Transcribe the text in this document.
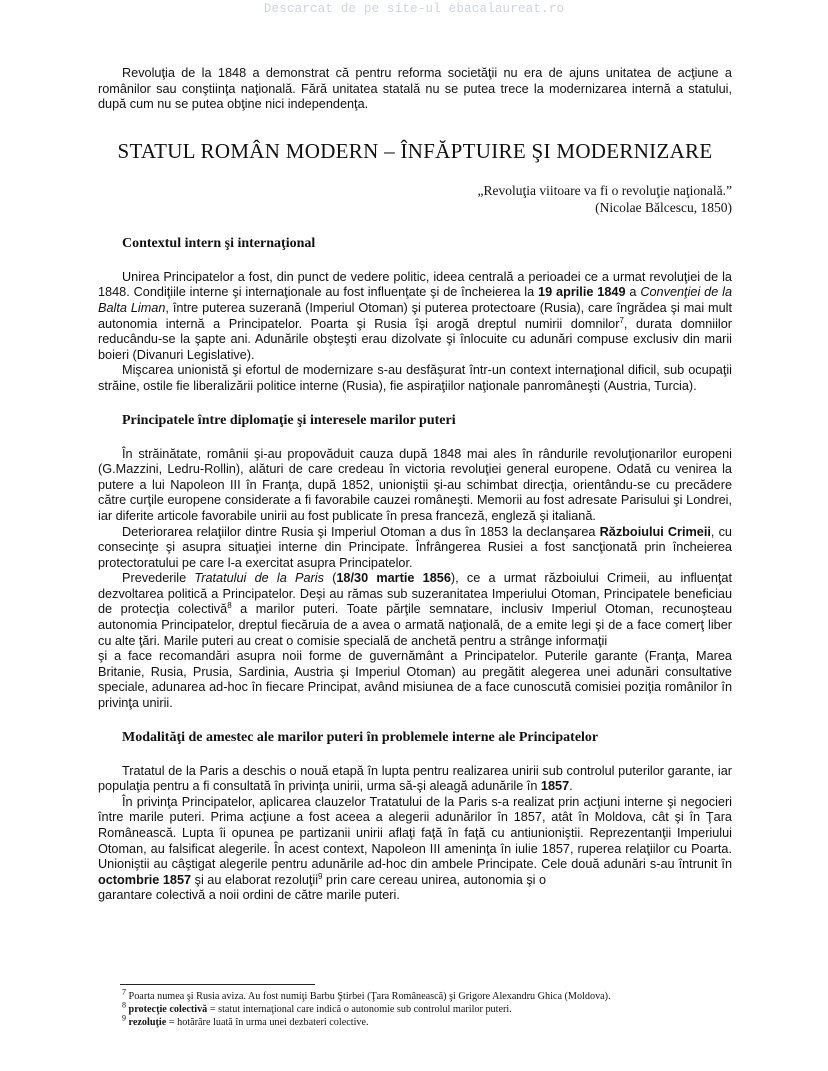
Descarcat de pe site-ul ebacalaureat.ro

Revoluţia de la 1848 a demonstrat că pentru reforma societăţii nu era de ajuns unitatea de acţiune a românilor sau conştiinţa naţională. Fără unitatea statală nu se putea trece la modernizarea internă a statului, după cum nu se putea obţine nici independenţa.

STATUL ROMÂN MODERN – ÎNFĂPTUIRE ŞI MODERNIZARE
„Revoluţia viitoare va fi o revoluţie naţională.”
(Nicolae Bălcescu, 1850)
Contextul intern şi internaţional

Unirea Principatelor a fost, din punct de vedere politic, ideea centrală a perioadei ce a urmat revoluţiei de la 1848. Condiţiile interne şi internaţionale au fost influenţate şi de încheierea la 19 aprilie 1849 a Convenţiei de la Balta Liman, între puterea suzerană (Imperiul Otoman) şi puterea protectoare (Rusia), care îngrădea şi mai mult autonomia internă a Principatelor. Poarta şi Rusia îşi arogă dreptul numirii domnilor$^7$, durata domniilor reducându-se la şapte ani. Adunările obşteşti erau dizolvate şi înlocuite cu adunări compuse exclusiv din marii boieri (Divanuri Legislative).

Mişcarea unionistă şi efortul de modernizare s-au desfăşurat într-un context internaţional dificil, sub ocupaţii străine, ostile fie liberalizării politice interne (Rusia), fie aspiraţiilor naţionale panromâneşti (Austria, Turcia).

Principatele între diplomaţie şi interesele marilor puteri

În străinătate, românii şi-au propovăduit cauza după 1848 mai ales în rândurile revoluţionarilor europeni (G.Mazzini, Ledru-Rollin), alături de care credeau în victoria revoluţiei general europene. Odată cu venirea la putere a lui Napoleon III în Franţa, după 1852, unioniştii şi-au schimbat direcţia, orientându-se cu precădere către curţile europene considerate a fi favorabile cauzei româneşti. Memorii au fost adresate Parisului şi Londrei, iar diferite articole favorabile unirii au fost publicate în presa franceză, engleză şi italiană.

Deteriorarea relaţiilor dintre Rusia şi Imperiul Otoman a dus în 1853 la declanşarea Războiului Crimeii, cu consecinţe şi asupra situaţiei interne din Principate. Înfrângerea Rusiei a fost sancţionată prin încheierea protectoratului pe care l-a exercitat asupra Principatelor.

Prevederile Tratatului de la Paris (18/30 martie 1856), ce a urmat războiului Crimeii, au influenţat dezvoltarea politică a Principatelor. Deşi au rămas sub suzeranitatea Imperiului Otoman, Principatele beneficiau de protecţia colectivă$^8$ a marilor puteri. Toate părţile semnatare, inclusiv Imperiul Otoman, recunoşteau autonomia Principatelor, dreptul fiecăruia de a avea o armată naţională, de a emite legi şi de a face comerţ liber cu alte ţări. Marile puteri au creat o comisie specială de anchetă pentru a strânge informaţii

şi a face recomandări asupra noii forme de guvernământ a Principatelor. Puterile garante (Franţa, Marea Britanie, Rusia, Prusia, Sardinia, Austria şi Imperiul Otoman) au pregătit alegerea unei adunări consultative speciale, adunarea ad-hoc în fiecare Principat, având misiunea de a face cunoscută comisiei poziţia românilor în privinţa unirii.

Modalităţi de amestec ale marilor puteri în problemele interne ale Principatelor

Tratatul de la Paris a deschis o nouă etapă în lupta pentru realizarea unirii sub controlul puterilor garante, iar populaţia pentru a fi consultată în privinţa unirii, urma să-şi aleagă adunările în 1857.

În privinţa Principatelor, aplicarea clauzelor Tratatului de la Paris s-a realizat prin acţiuni interne şi negocieri între marile puteri. Prima acţiune a fost aceea a alegerii adunărilor în 1857, atât în Moldova, cât şi în Ţara Românească. Lupta îi opunea pe partizanii unirii aflaţi faţă în faţă cu antiunioniştii. Reprezentanţii Imperiului Otoman, au falsificat alegerile. În acest context, Napoleon III ameninţa în iulie 1857, ruperea relaţiilor cu Poarta. Unioniştii au câştigat alegerile pentru adunările ad-hoc din ambele Principate. Cele două adunări s-au întrunit în octombrie 1857 şi au elaborat rezoluţii$^9$ prin care cereau unirea, autonomia şi o

garantare colectivă a noii ordini de către marile puteri.

$^7$ Poarta numea şi Rusia aviza. Au fost numiţi Barbu Ştirbei (Ţara Românească) şi Grigore Alexandru Ghica (Moldova).
$^8$ protecţie colectivă = statut internaţional care indică o autonomie sub controlul marilor puteri.
$^9$ rezoluţie = hotărâre luată în urma unei dezbateri colective.
